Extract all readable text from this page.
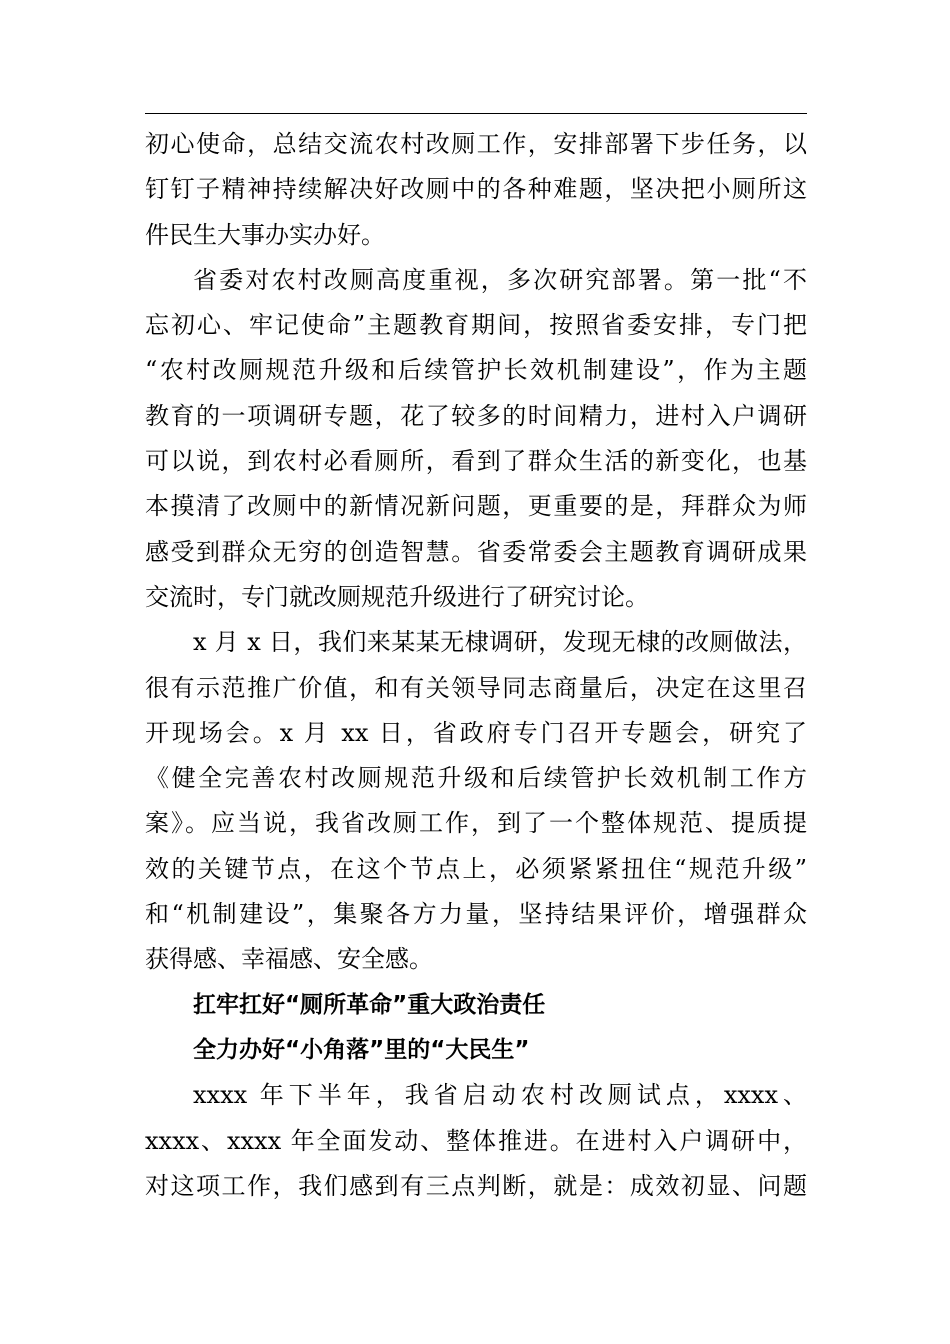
初心使命，总结交流农村改厕工作，安排部署下步任务，以
钉钉子精神持续解决好改厕中的各种难题，坚决把小厕所这
件民生大事办实办好。
省委对农村改厕高度重视，多次研究部署。第一批“不
忘初心、牢记使命”主题教育期间，按照省委安排，专门把
“农村改厕规范升级和后续管护长效机制建设”，作为主题
教育的一项调研专题，花了较多的时间精力，进村入户调研
可以说，到农村必看厕所，看到了群众生活的新变化，也基
本摸清了改厕中的新情况新问题，更重要的是，拜群众为师
感受到群众无穷的创造智慧。省委常委会主题教育调研成果
交流时，专门就改厕规范升级进行了研究讨论。
x 月 x 日，我们来某某无棣调研，发现无棣的改厕做法，
很有示范推广价值，和有关领导同志商量后，决定在这里召
开现场会。x 月 xx 日，省政府专门召开专题会，研究了
《健全完善农村改厕规范升级和后续管护长效机制工作方
案》。应当说，我省改厕工作，到了一个整体规范、提质提
效的关键节点，在这个节点上，必须紧紧扭住“规范升级”
和“机制建设”，集聚各方力量，坚持结果评价，增强群众
获得感、幸福感、安全感。
扛牢扛好“厕所革命”重大政治责任
全力办好“小角落”里的“大民生”
xxxx 年下半年，我省启动农村改厕试点，xxxx、
xxxx、xxxx 年全面发动、整体推进。在进村入户调研中，
对这项工作，我们感到有三点判断，就是：成效初显、问题
